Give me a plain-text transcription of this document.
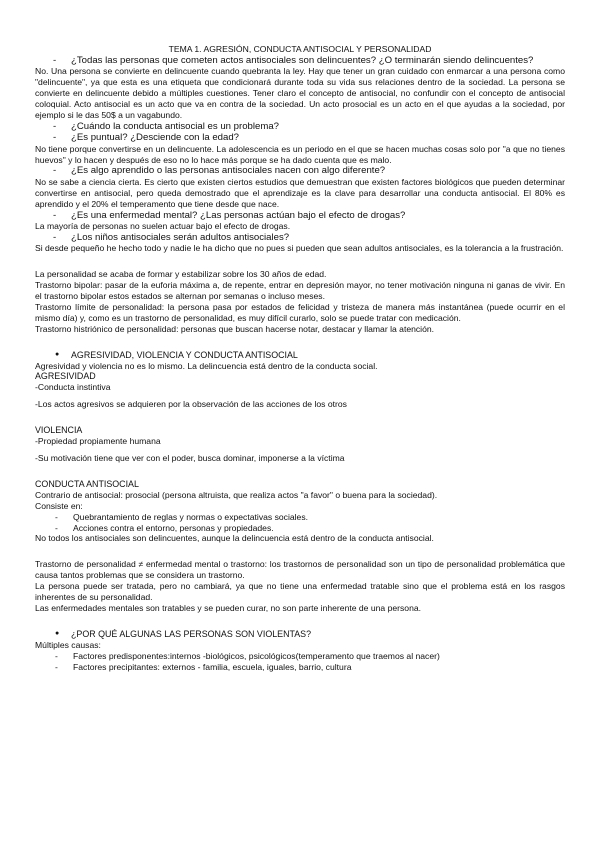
TEMA 1. AGRESIÓN, CONDUCTA ANTISOCIAL Y PERSONALIDAD
- ¿Todas las personas que cometen actos antisociales son delincuentes? ¿O terminarán siendo delincuentes?

No. Una persona se convierte en delincuente cuando quebranta la ley. Hay que tener un gran cuidado con enmarcar a una persona como "delincuente", ya que esta es una etiqueta que condicionará durante toda su vida sus relaciones dentro de la sociedad. La persona se convierte en delincuente debido a múltiples cuestiones. Tener claro el concepto de antisocial, no confundir con el concepto de antisocial coloquial. Acto antisocial es un acto que va en contra de la sociedad. Un acto prosocial es un acto en el que ayudas a la sociedad, por ejemplo si le das 50$ a un vagabundo.

- ¿Cuándo la conducta antisocial es un problema?
- ¿Es puntual? ¿Desciende con la edad?

No tiene porque convertirse en un delincuente. La adolescencia es un periodo en el que se hacen muchas cosas solo por "a que no tienes huevos" y lo hacen y después de eso no lo hace más porque se ha dado cuenta que es malo.

- ¿Es algo aprendido o las personas antisociales nacen con algo diferente?

No se sabe a ciencia cierta. Es cierto que existen ciertos estudios que demuestran que existen factores biológicos que pueden determinar convertirse en antisocial, pero queda demostrado que el aprendizaje es la clave para desarrollar una conducta antisocial. El 80% es aprendido y el 20% el temperamento que tiene desde que nace.

- ¿Es una enfermedad mental? ¿Las personas actúan bajo el efecto de drogas?

La mayoría de personas no suelen actuar bajo el efecto de drogas.

- ¿Los niños antisociales serán adultos antisociales?

Si desde pequeño he hecho todo y nadie le ha dicho que no pues si pueden que sean adultos antisociales, es la tolerancia a la frustración.

La personalidad se acaba de formar y estabilizar sobre los 30 años de edad.

Trastorno bipolar: pasar de la euforia máxima a, de repente, entrar en depresión mayor, no tener motivación ninguna ni ganas de vivir. En el trastorno bipolar estos estados se alternan por semanas o incluso meses.

Trastorno límite de personalidad: la persona pasa por estados de felicidad y tristeza de manera más instantánea (puede ocurrir en el mismo día) y, como es un trastorno de personalidad, es muy difícil curarlo, solo se puede tratar con medicación.

Trastorno histriónico de personalidad: personas que buscan hacerse notar, destacar y llamar la atención.

● AGRESIVIDAD, VIOLENCIA Y CONDUCTA ANTISOCIAL

Agresividad y violencia no es lo mismo. La delincuencia está dentro de la conducta social.

AGRESIVIDAD

-Conducta instintiva

-Los actos agresivos se adquieren por la observación de las acciones de los otros

VIOLENCIA

-Propiedad propiamente humana

-Su motivación tiene que ver con el poder, busca dominar, imponerse a la víctima

CONDUCTA ANTISOCIAL

Contrario de antisocial: prosocial (persona altruista, que realiza actos "a favor" o buena para la sociedad).

Consiste en:

- Quebrantamiento de reglas y normas o expectativas sociales.
- Acciones contra el entorno, personas y propiedades.

No todos los antisociales son delincuentes, aunque la delincuencia está dentro de la conducta antisocial.

Trastorno de personalidad ≠ enfermedad mental o trastorno: los trastornos de personalidad son un tipo de personalidad problemática que causa tantos problemas que se considera un trastorno.

La persona puede ser tratada, pero no cambiará, ya que no tiene una enfermedad tratable sino que el problema está en los rasgos inherentes de su personalidad.

Las enfermedades mentales son tratables y se pueden curar, no son parte inherente de una persona.

● ¿POR QUÉ ALGUNAS LAS PERSONAS SON VIOLENTAS?

Múltiples causas:

- Factores predisponentes:internos -biológicos, psicológicos(temperamento que traemos al nacer)
- Factores precipitantes: externos - familia, escuela, iguales, barrio, cultura
